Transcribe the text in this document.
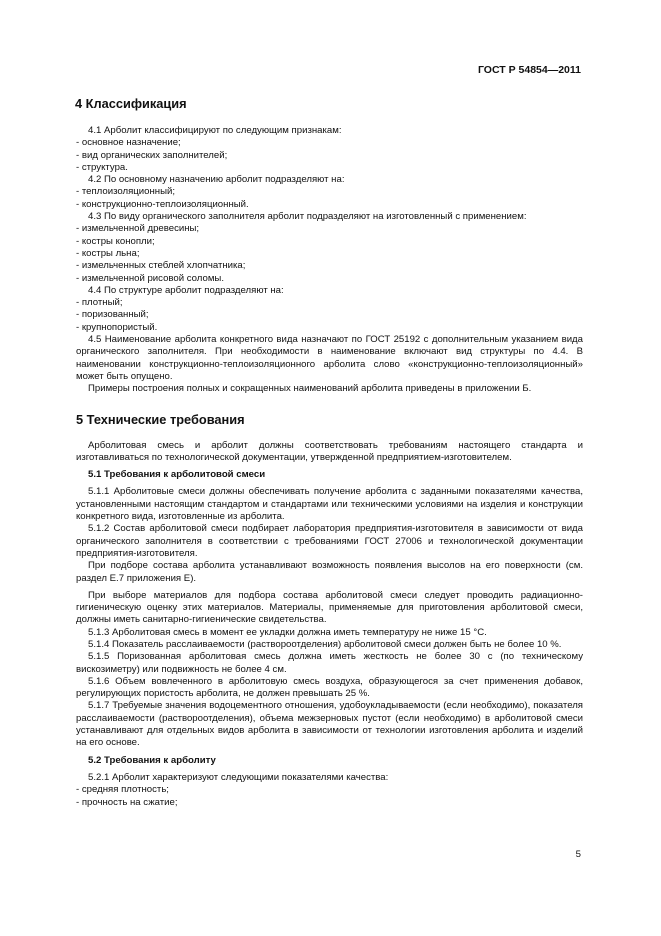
ГОСТ Р 54854—2011
4 Классификация

4.1 Арболит классифицируют по следующим признакам:

- основное назначение;

- вид органических заполнителей;

- структура.

4.2 По основному назначению арболит подразделяют на:

- теплоизоляционный;

- конструкционно-теплоизоляционный.

4.3 По виду органического заполнителя арболит подразделяют на изготовленный с применением:

- измельченной древесины;

- костры конопли;

- костры льна;

- измельченных стеблей хлопчатника;

- измельченной рисовой соломы.

4.4 По структуре арболит подразделяют на:

- плотный;

- поризованный;

- крупнопористый.

4.5 Наименование арболита конкретного вида назначают по ГОСТ 25192 с дополнительным указанием вида органического заполнителя. При необходимости в наименование включают вид структуры по 4.4. В наименовании конструкционно-теплоизоляционного арболита слово «конструкционно-теплоизоляционный» может быть опущено.

Примеры построения полных и сокращенных наименований арболита приведены в приложении Б.

5 Технические требования

Арболитовая смесь и арболит должны соответствовать требованиям настоящего стандарта и изготавливаться по технологической документации, утвержденной предприятием-изготовителем.

5.1 Требования к арболитовой смеси

5.1.1 Арболитовые смеси должны обеспечивать получение арболита с заданными показателями качества, установленными настоящим стандартом и стандартами или техническими условиями на изделия и конструкции конкретного вида, изготовленные из арболита.

5.1.2 Состав арболитовой смеси подбирает лаборатория предприятия-изготовителя в зависимости от вида органического заполнителя в соответствии с требованиями ГОСТ 27006 и технологической документации предприятия-изготовителя.

При подборе состава арболита устанавливают возможность появления высолов на его поверхности (см. раздел Е.7 приложения Е).

При выборе материалов для подбора состава арболитовой смеси следует проводить радиационно-гигиеническую оценку этих материалов. Материалы, применяемые для приготовления арболитовой смеси, должны иметь санитарно-гигиенические свидетельства.

5.1.3 Арболитовая смесь в момент ее укладки должна иметь температуру не ниже 15 °С.

5.1.4 Показатель расслаиваемости (раствороотделения) арболитовой смеси должен быть не более 10 %.

5.1.5 Поризованная арболитовая смесь должна иметь жесткость не более 30 с (по техническому вискозиметру) или подвижность не более 4 см.

5.1.6 Объем вовлеченного в арболитовую смесь воздуха, образующегося за счет применения добавок, регулирующих пористость арболита, не должен превышать 25 %.

5.1.7 Требуемые значения водоцементного отношения, удобоукладываемости (если необходимо), показателя расслаиваемости (раствороотделения), объема межзерновых пустот (если необходимо) в арболитовой смеси устанавливают для отдельных видов арболита в зависимости от технологии изготовления арболита и изделий на его основе.

5.2 Требования к арболиту

5.2.1 Арболит характеризуют следующими показателями качества:

- средняя плотность;

- прочность на сжатие;

5
